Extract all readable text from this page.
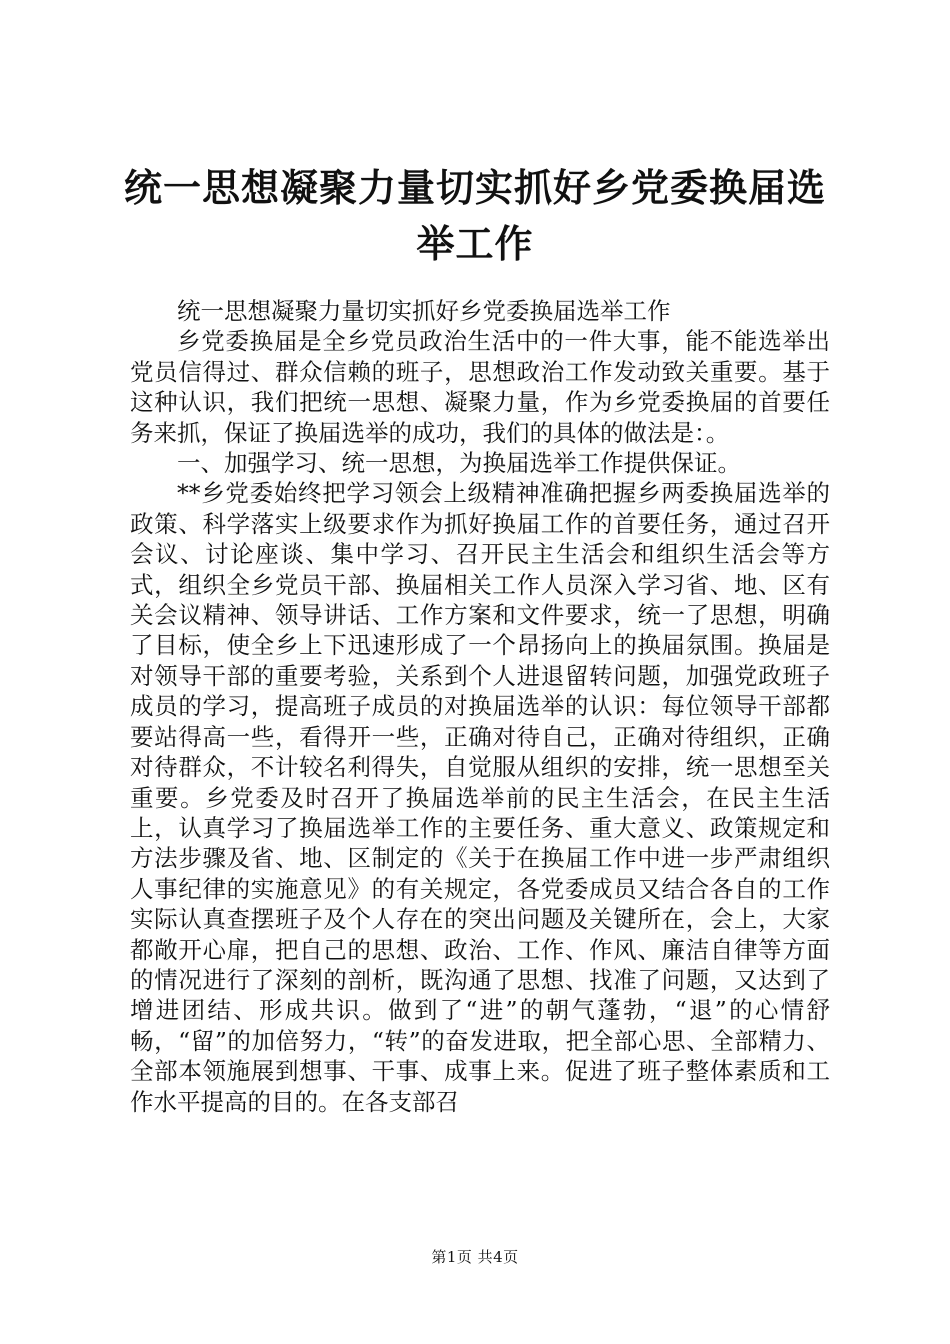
统一思想凝聚力量切实抓好乡党委换届选举工作

统一思想凝聚力量切实抓好乡党委换届选举工作

乡党委换届是全乡党员政治生活中的一件大事，能不能选举出党员信得过、群众信赖的班子，思想政治工作发动致关重要。基于这种认识，我们把统一思想、凝聚力量，作为乡党委换届的首要任务来抓，保证了换届选举的成功，我们的具体的做法是：。

一、加强学习、统一思想，为换届选举工作提供保证。

**乡党委始终把学习领会上级精神准确把握乡两委换届选举的政策、科学落实上级要求作为抓好换届工作的首要任务，通过召开会议、讨论座谈、集中学习、召开民主生活会和组织生活会等方式，组织全乡党员干部、换届相关工作人员深入学习省、地、区有关会议精神、领导讲话、工作方案和文件要求，统一了思想，明确了目标，使全乡上下迅速形成了一个昂扬向上的换届氛围。换届是对领导干部的重要考验，关系到个人进退留转问题，加强党政班子成员的学习，提高班子成员的对换届选举的认识：每位领导干部都要站得高一些，看得开一些，正确对待自己，正确对待组织，正确对待群众，不计较名利得失，自觉服从组织的安排，统一思想至关重要。乡党委及时召开了换届选举前的民主生活会，在民主生活上，认真学习了换届选举工作的主要任务、重大意义、政策规定和方法步骤及省、地、区制定的《关于在换届工作中进一步严肃组织人事纪律的实施意见》的有关规定，各党委成员又结合各自的工作实际认真查摆班子及个人存在的突出问题及关键所在，会上，大家都敞开心扉，把自己的思想、政治、工作、作风、廉洁自律等方面的情况进行了深刻的剖析，既沟通了思想、找准了问题，又达到了增进团结、形成共识。做到了“进”的朝气蓬勃，“退”的心情舒畅，“留”的加倍努力，“转”的奋发进取，把全部心思、全部精力、全部本领施展到想事、干事、成事上来。促进了班子整体素质和工作水平提高的目的。在各支部召

第1页 共4页
